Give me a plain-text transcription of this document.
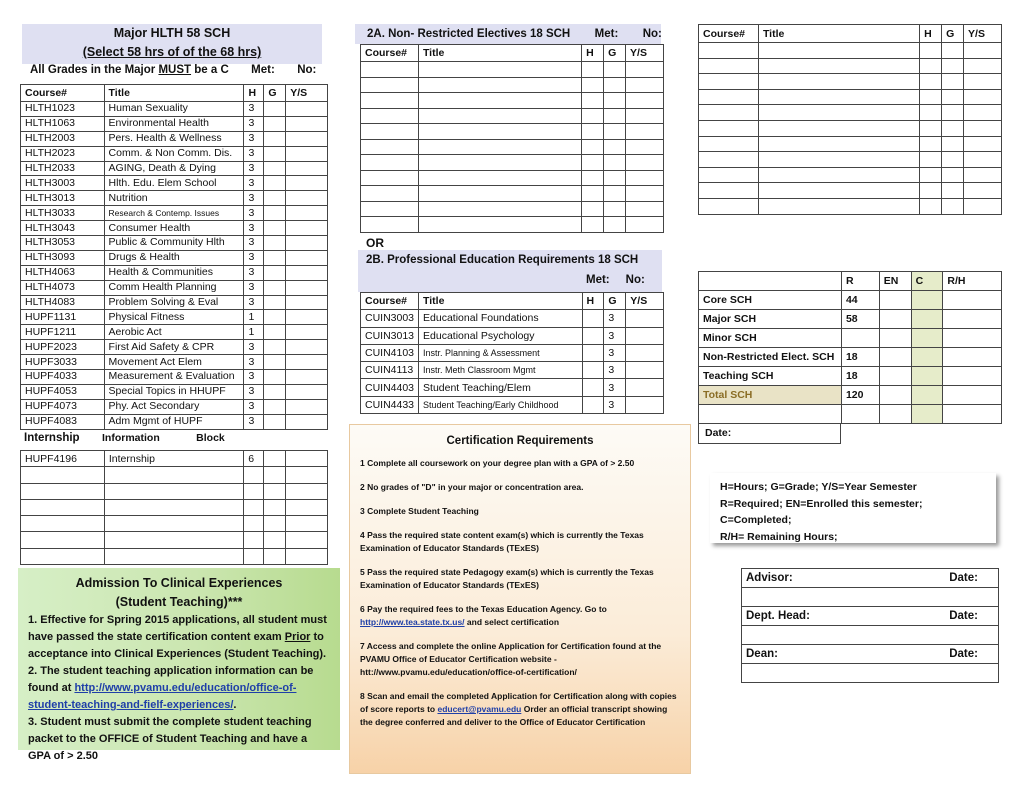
Major HLTH 58 SCH
(Select 58 hrs of of the 68 hrs)
All Grades in the Major MUST be a C Met: No:
Course#	Title	H	G	Y/S
HLTH1023	Human Sexuality	3		
HLTH1063	Environmental Health	3		
HLTH2003	Pers. Health & Wellness	3		
HLTH2023	Comm. & Non Comm. Dis.	3		
HLTH2033	AGING, Death & Dying	3		
HLTH3003	Hlth. Edu. Elem School	3		
HLTH3013	Nutrition	3		
HLTH3033	Research & Contemp. Issues	3		
HLTH3043	Consumer Health	3		
HLTH3053	Public & Community Hlth	3		
HLTH3093	Drugs & Health	3		
HLTH4063	Health & Communities	3		
HLTH4073	Comm Health Planning	3		
HLTH4083	Problem Solving & Eval	3		
HUPF1131	Physical Fitness	1		
HUPF1211	Aerobic Act	1		
HUPF2023	First Aid Safety & CPR	3		
HUPF3033	Movement Act Elem	3		
HUPF4033	Measurement & Evaluation	3		
HUPF4053	Special Topics in HHUPF	3		
HUPF4073	Phy. Act Secondary	3		
HUPF4083	Adm Mgmt of HUPF	3		
Internship Information	Block
HUPF4196	Internship	6		

Admission To Clinical Experiences
(Student Teaching)***
1. Effective for Spring 2015 applications, all student must have passed the state certification content exam Prior to acceptance into Clinical Experiences (Student Teaching).
2. The student teaching application information can be found at http://www.pvamu.edu/education/office-of-student-teaching-and-fielf-experiences/.
3. Student must submit the complete student teaching packet to the OFFICE of Student Teaching and have a GPA of > 2.50
2A. Non- Restricted Electives 18 SCH Met: No:
Course#	Title	H	G	Y/S

OR
2B. Professional Education Requirements 18 SCH
Met: No:
Course#	Title	H	G	Y/S
CUIN3003	Educational Foundations		3	
CUIN3013	Educational Psychology		3	
CUIN4103	Instr. Planning & Assessment		3	
CUIN4113	Instr. Meth Classroom Mgmt		3	
CUIN4403	Student Teaching/Elem		3	
CUIN4433	Student Teaching/Early Childhood		3	
Certification Requirements

1 Complete all coursework on your degree plan with a GPA of > 2.50

2 No grades of "D" in your major or concentration area.

3 Complete Student Teaching

4 Pass the required state content exam(s) which is currently the Texas Examination of Educator Standards (TExES)

5 Pass the required state Pedagogy exam(s) which is currently the Texas Examination of Educator Standards (TExES)

6 Pay the required fees to the Texas Education Agency. Go to http://www.tea.state.tx.us/ and select certification

7 Access and complete the online Application for Certification found at the PVAMU Office of Educator Certification website - htt://www.pvamu.edu/education/office-of-certification/

8 Scan and email the completed Application for Certification along with copies of score reports to educert@pvamu.edu Order an official transcript showing the degree conferred and deliver to the Office of Educator Certification

Course#	Title	H	G	Y/S

	R	EN	C	R/H
Core SCH	44			
Major SCH	58			
Minor SCH				
Non-Restricted Elect. SCH	18			
Teaching SCH	18			
Total SCH	120			

Date:
H=Hours; G=Grade; Y/S=Year Semester
R=Required; EN=Enrolled this semester; C=Completed;
R/H= Remaining Hours;
Advisor:	Date:

Dept. Head:	Date:

Dean:	Date:
